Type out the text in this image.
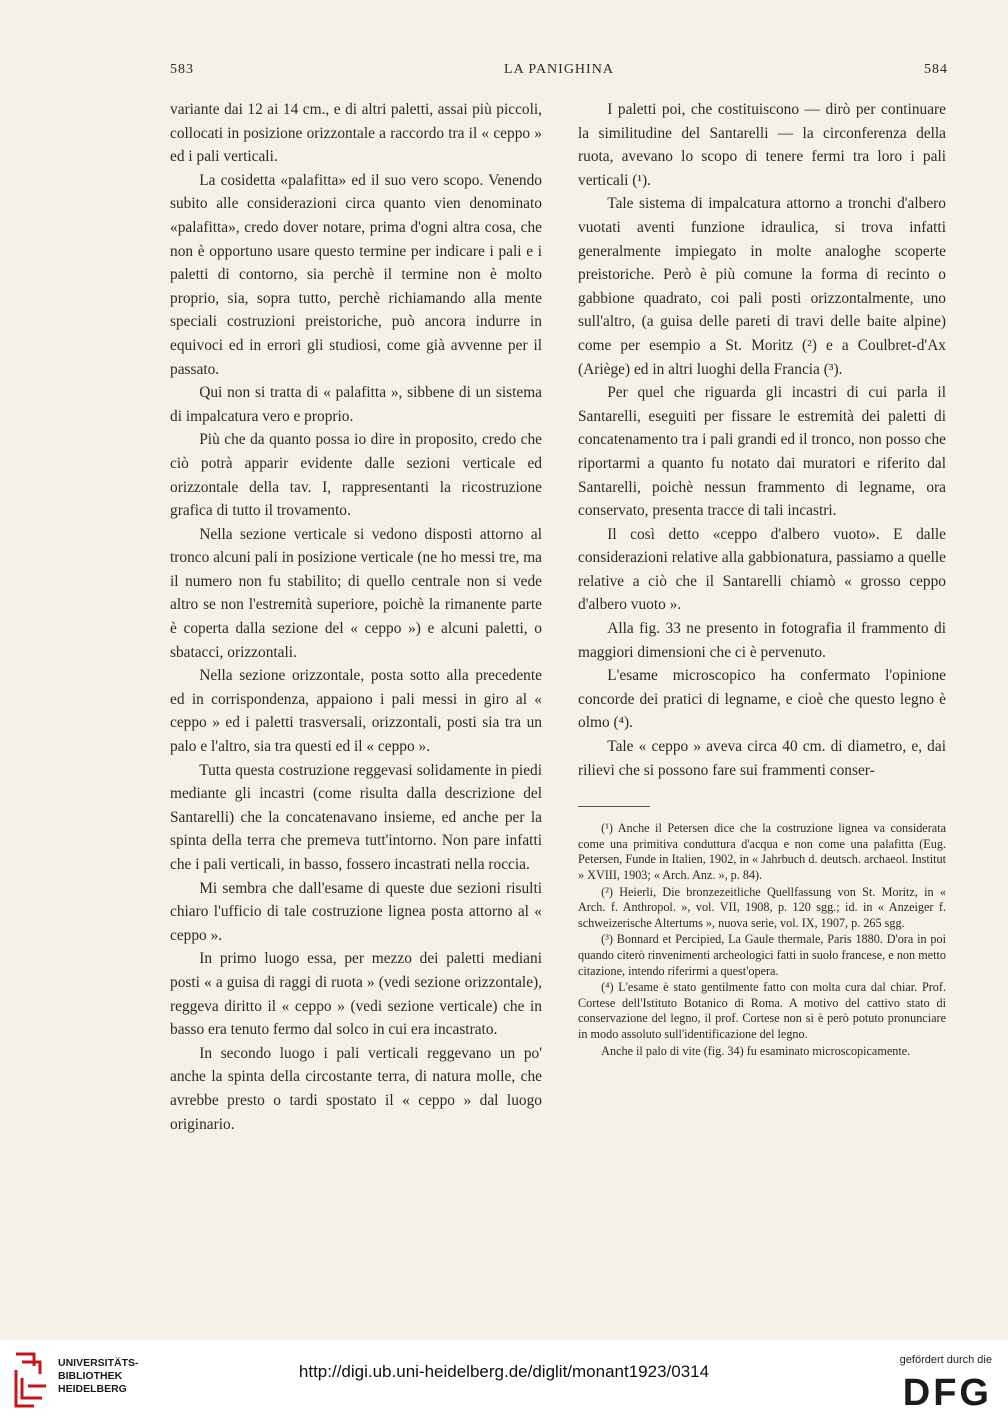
583	LA PANIGHINA	584

variante dai 12 ai 14 cm., e di altri paletti, assai più piccoli, collocati in posizione orizzontale a raccordo tra il « ceppo » ed i pali verticali.

La cosidetta «palafitta» ed il suo vero scopo. Venendo subito alle considerazioni circa quanto vien denominato «palafitta», credo dover notare, prima d'ogni altra cosa, che non è opportuno usare questo termine per indicare i pali e i paletti di contorno, sia perchè il termine non è molto proprio, sia, sopra tutto, perchè richiamando alla mente speciali costruzioni preistoriche, può ancora indurre in equivoci ed in errori gli studiosi, come già avvenne per il passato.

Qui non si tratta di « palafitta », sibbene di un sistema di impalcatura vero e proprio.

Più che da quanto possa io dire in proposito, credo che ciò potrà apparir evidente dalle sezioni verticale ed orizzontale della tav. I, rappresentanti la ricostruzione grafica di tutto il trovamento.

Nella sezione verticale si vedono disposti attorno al tronco alcuni pali in posizione verticale (ne ho messi tre, ma il numero non fu stabilito; di quello centrale non si vede altro se non l'estremità superiore, poichè la rimanente parte è coperta dalla sezione del « ceppo ») e alcuni paletti, o sbatacci, orizzontali.

Nella sezione orizzontale, posta sotto alla precedente ed in corrispondenza, appaiono i pali messi in giro al « ceppo » ed i paletti trasversali, orizzontali, posti sia tra un palo e l'altro, sia tra questi ed il « ceppo ».

Tutta questa costruzione reggevasi solidamente in piedi mediante gli incastri (come risulta dalla descrizione del Santarelli) che la concatenavano insieme, ed anche per la spinta della terra che premeva tutt'intorno. Non pare infatti che i pali verticali, in basso, fossero incastrati nella roccia.

Mi sembra che dall'esame di queste due sezioni risulti chiaro l'ufficio di tale costruzione lignea posta attorno al « ceppo ».

In primo luogo essa, per mezzo dei paletti mediani posti « a guisa di raggi di ruota » (vedi sezione orizzontale), reggeva diritto il « ceppo » (vedi sezione verticale) che in basso era tenuto fermo dal solco in cui era incastrato.

In secondo luogo i pali verticali reggevano un po' anche la spinta della circostante terra, di natura molle, che avrebbe presto o tardi spostato il « ceppo » dal luogo originario.

I paletti poi, che costituiscono — dirò per continuare la similitudine del Santarelli — la circonferenza della ruota, avevano lo scopo di tenere fermi tra loro i pali verticali (¹).

Tale sistema di impalcatura attorno a tronchi d'albero vuotati aventi funzione idraulica, si trova infatti generalmente impiegato in molte analoghe scoperte preistoriche. Però è più comune la forma di recinto o gabbione quadrato, coi pali posti orizzontalmente, uno sull'altro, (a guisa delle pareti di travi delle baite alpine) come per esempio a St. Moritz (²) e a Coulbret-d'Ax (Ariège) ed in altri luoghi della Francia (³).

Per quel che riguarda gli incastri di cui parla il Santarelli, eseguiti per fissare le estremità dei paletti di concatenamento tra i pali grandi ed il tronco, non posso che riportarmi a quanto fu notato dai muratori e riferito dal Santarelli, poichè nessun frammento di legname, ora conservato, presenta tracce di tali incastri.

Il così detto «ceppo d'albero vuoto». E dalle considerazioni relative alla gabbionatura, passiamo a quelle relative a ciò che il Santarelli chiamò « grosso ceppo d'albero vuoto ».

Alla fig. 33 ne presento in fotografia il frammento di maggiori dimensioni che ci è pervenuto.

L'esame microscopico ha confermato l'opinione concorde dei pratici di legname, e cioè che questo legno è olmo (⁴).

Tale « ceppo » aveva circa 40 cm. di diametro, e, dai rilievi che si possono fare sui frammenti conser-

(¹) Anche il Petersen dice che la costruzione lignea va considerata come una primitiva conduttura d'acqua e non come una palafitta (Eug. Petersen, Funde in Italien, 1902, in « Jahrbuch d. deutsch. archaeol. Institut » XVIII, 1903; « Arch. Anz. », p. 84).

(²) Heierli, Die bronzezeitliche Quellfassung von St. Moritz, in « Arch. f. Anthropol. », vol. VII, 1908, p. 120 sgg.; id. in « Anzeiger f. schweizerische Altertums », nuova serie, vol. IX, 1907, p. 265 sgg.

(³) Bonnard et Percipied, La Gaule thermale, Paris 1880. D'ora in poi quando citerò rinvenimenti archeologici fatti in suolo francese, e non metto citazione, intendo riferirmi a quest'opera.

(⁴) L'esame è stato gentilmente fatto con molta cura dal chiar. Prof. Cortese dell'Istituto Botanico di Roma. A motivo del cattivo stato di conservazione del legno, il prof. Cortese non si è però potuto pronunciare in modo assoluto sull'identificazione del legno.

Anche il palo di vite (fig. 34) fu esaminato microscopicamente.

UNIVERSITÄTS-
BIBLIOTHEK
HEIDELBERG
http://digi.ub.uni-heidelberg.de/diglit/monant1923/0314
gefördert durch die
DFG
